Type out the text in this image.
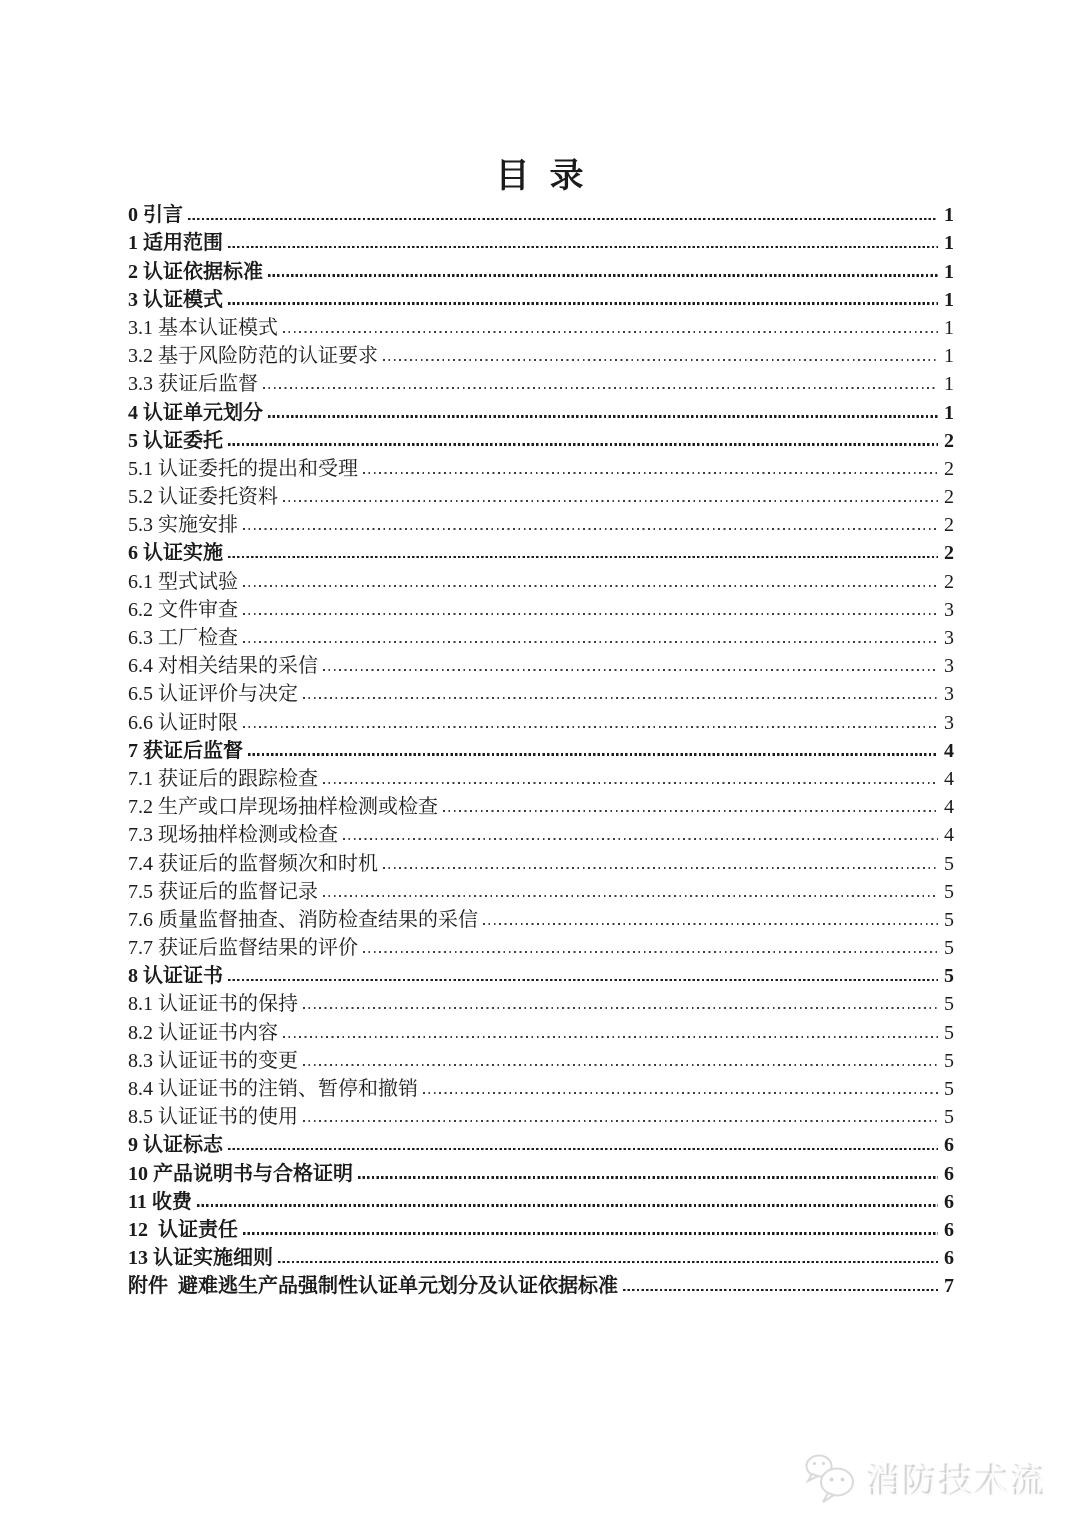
目  录
0 引言	1
1 适用范围	1
2 认证依据标准	1
3 认证模式	1
3.1 基本认证模式	1
3.2 基于风险防范的认证要求	1
3.3 获证后监督	1
4 认证单元划分	1
5 认证委托	2
5.1 认证委托的提出和受理	2
5.2 认证委托资料	2
5.3 实施安排	2
6 认证实施	2
6.1 型式试验	2
6.2 文件审查	3
6.3 工厂检查	3
6.4 对相关结果的采信	3
6.5 认证评价与决定	3
6.6 认证时限	3
7 获证后监督	4
7.1 获证后的跟踪检查	4
7.2 生产或口岸现场抽样检测或检查	4
7.3 现场抽样检测或检查	4
7.4 获证后的监督频次和时机	5
7.5 获证后的监督记录	5
7.6 质量监督抽查、消防检查结果的采信	5
7.7 获证后监督结果的评价	5
8 认证证书	5
8.1 认证证书的保持	5
8.2 认证证书内容	5
8.3 认证证书的变更	5
8.4 认证证书的注销、暂停和撤销	5
8.5 认证证书的使用	5
9 认证标志	6
10 产品说明书与合格证明	6
11 收费	6
12  认证责任	6
13 认证实施细则	6
附件  避难逃生产品强制性认证单元划分及认证依据标准	7
消防技术流
